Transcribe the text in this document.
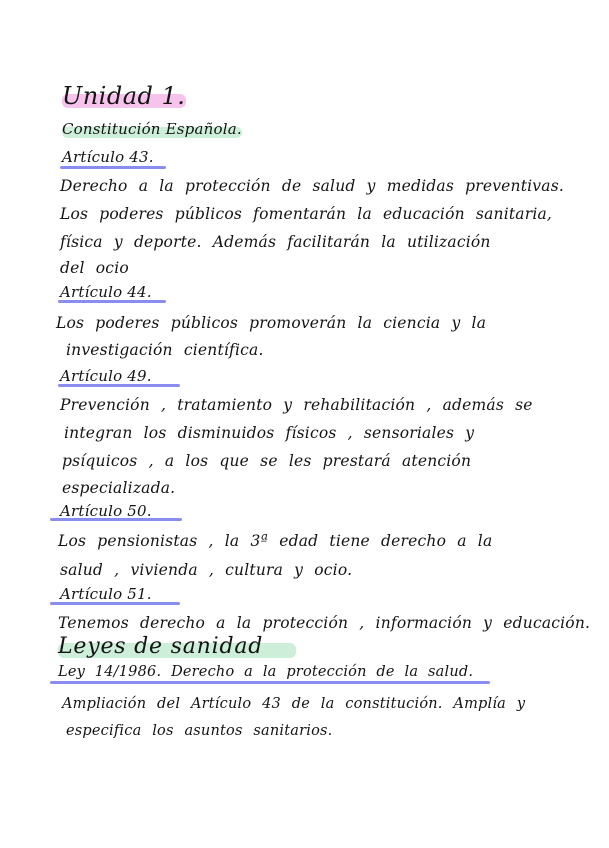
Unidad 1.
Constitución Española.
Artículo 43.
Derecho a la protección de salud y medidas preventivas.
Los poderes públicos fomentarán la educación sanitaria,
física y deporte. Además facilitarán la utilización
del ocio
Artículo 44.
Los poderes públicos promoverán la ciencia y la
investigación científica.
Artículo 49.
Prevención , tratamiento y rehabilitación , además se
integran los disminuidos físicos , sensoriales y
psíquicos , a los que se les prestará atención
especializada.
Artículo 50.
Los pensionistas , la 3ª edad tiene derecho a la
salud , vivienda , cultura y ocio.
Artículo 51.
Tenemos derecho a la protección , información y educación.
Leyes de sanidad
Ley 14/1986. Derecho a la protección de la salud.
Ampliación del Artículo 43 de la constitución. Amplía y
especifica los asuntos sanitarios.
